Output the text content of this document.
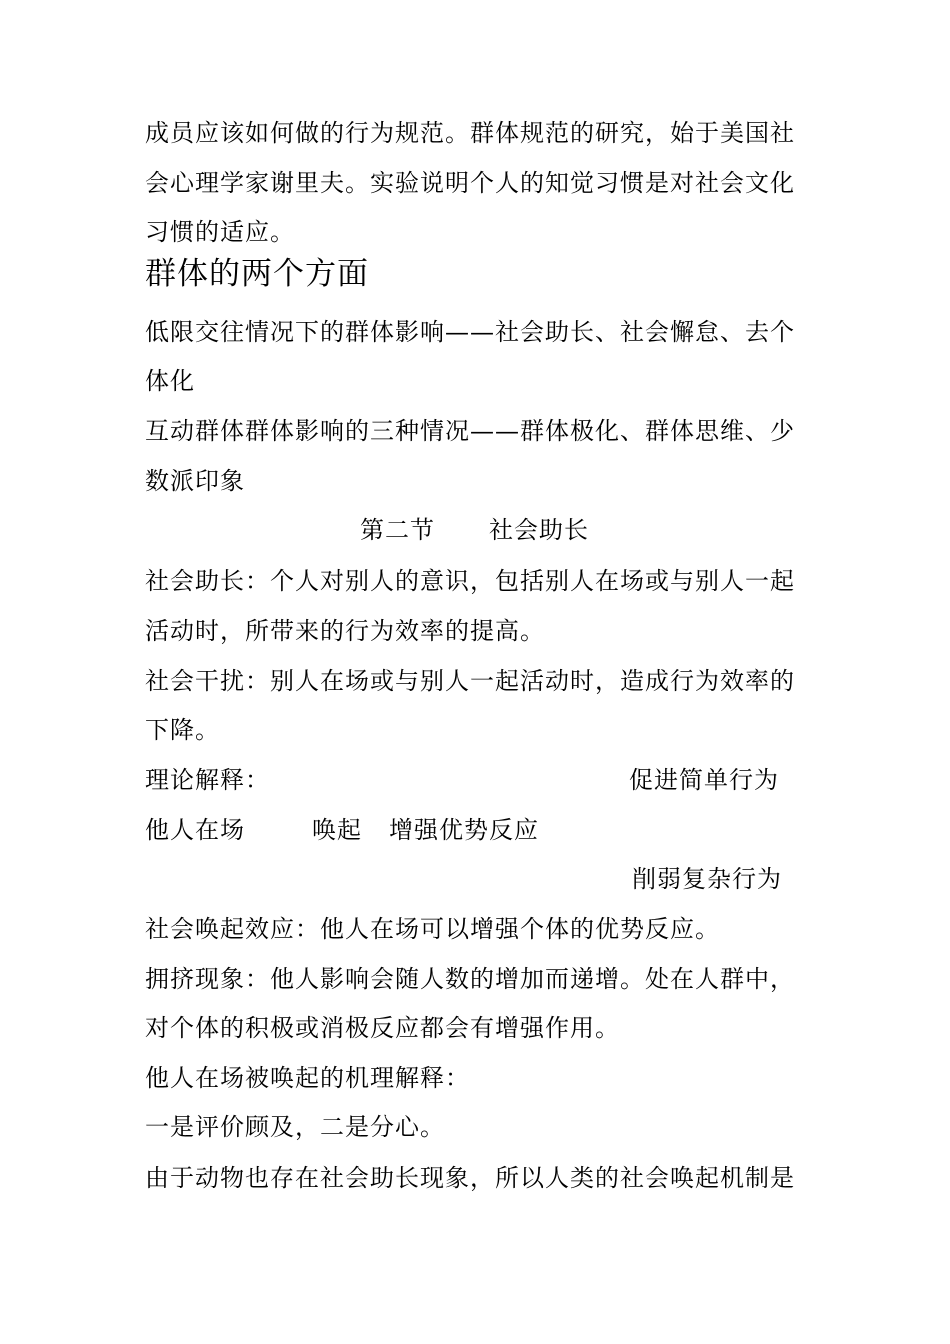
成员应该如何做的行为规范。群体规范的研究，始于美国社
会心理学家谢里夫。实验说明个人的知觉习惯是对社会文化
习惯的适应。
群体的两个方面
低限交往情况下的群体影响——社会助长、社会懈怠、去个
体化
互动群体群体影响的三种情况——群体极化、群体思维、少
数派印象
第二节 社会助长
社会助长：个人对别人的意识，包括别人在场或与别人一起
活动时，所带来的行为效率的提高。
社会干扰：别人在场或与别人一起活动时，造成行为效率的
下降。
理论解释：	促进简单行为
他人在场	唤起 增强优势反应
削弱复杂行为
社会唤起效应：他人在场可以增强个体的优势反应。
拥挤现象：他人影响会随人数的增加而递增。处在人群中，
对个体的积极或消极反应都会有增强作用。
他人在场被唤起的机理解释：
一是评价顾及，二是分心。
由于动物也存在社会助长现象，所以人类的社会唤起机制是
